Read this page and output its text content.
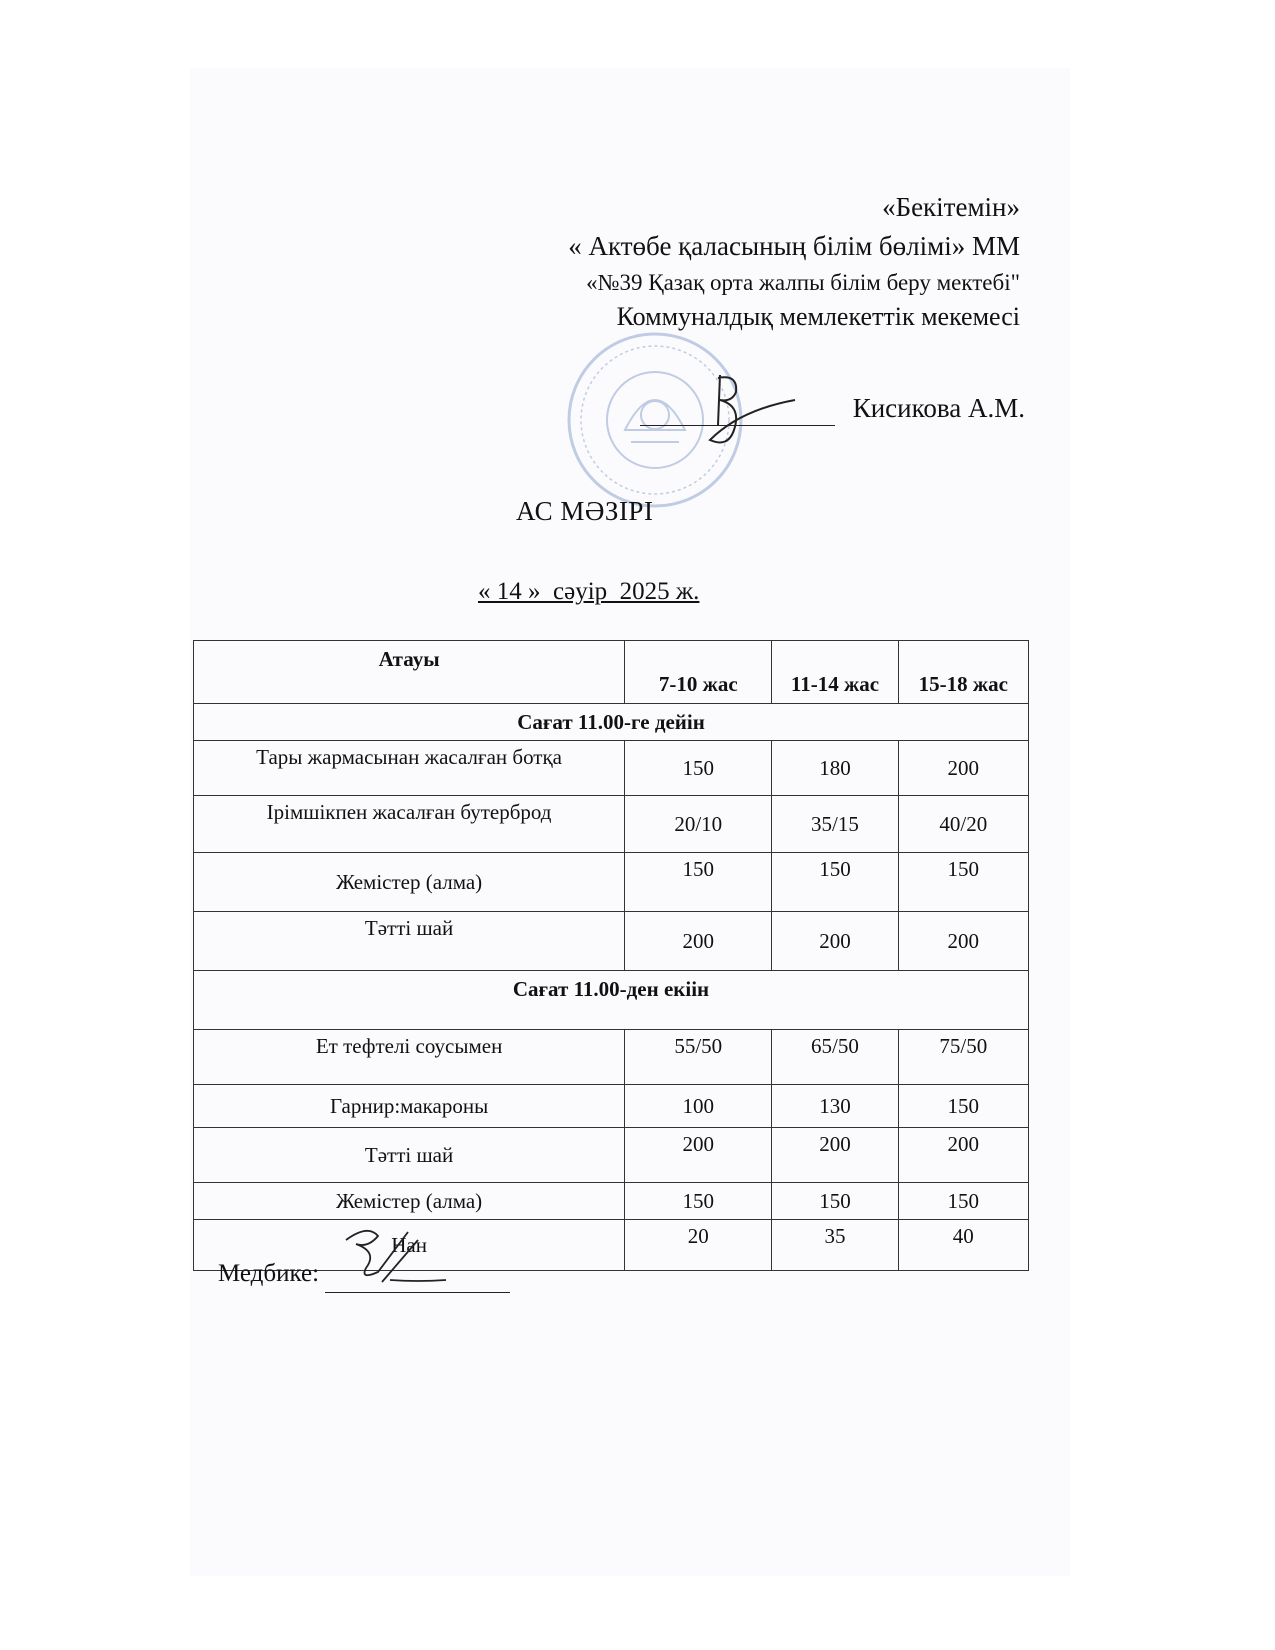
«Бекітемін»
« Актөбе қаласының білім бөлімі» ММ
«№39 Қазақ орта жалпы білім беру мектебі"
Коммуналдық мемлекеттік мекемесі
Кисикова А.М.
АС МӘЗІРІ
« 14 »  сәуір  2025 ж.
Атауы	7-10 жас	11-14 жас	15-18 жас
Сағат 11.00-ге дейін			
Тары жармасынан жасалған ботқа	150	180	200
Ірімшікпен жасалған бутерброд	20/10	35/15	40/20
Жемістер (алма)	150	150	150
Тәтті шай	200	200	200
Сағат 11.00-ден екіін			
Ет тефтелі соусымен	55/50	65/50	75/50
Гарнир:макароны	100	130	150
Тәтті шай	200	200	200
Жемістер (алма)	150	150	150
Нан	20	35	40
Медбике:
